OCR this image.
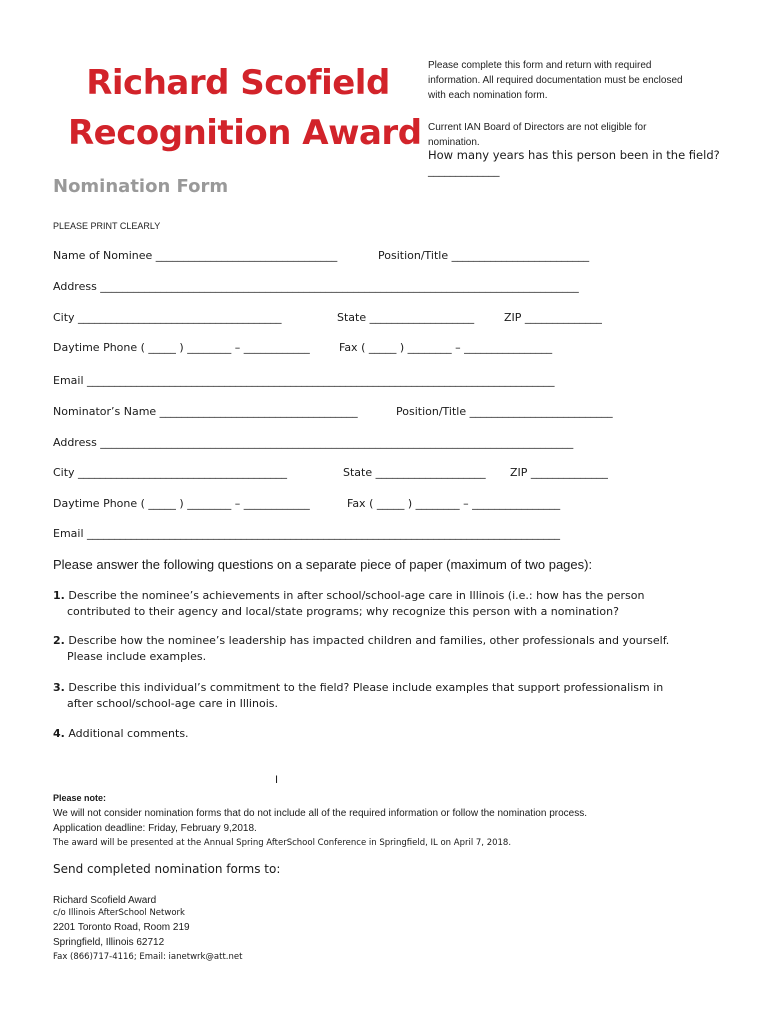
Richard Scofield
Recognition Award
Nomination Form
Please complete this form and return with required information. All required documentation must be enclosed with each nomination form.
Current IAN Board of Directors are not eligible for nomination.
How many years has this person been in the field?
_____________
PLEASE PRINT CLEARLY
Name of Nominee _________________________________	Position/Title _________________________
Address _______________________________________________________________________________________
City _____________________________________	State ___________________	ZIP ______________
Daytime Phone ( _____ ) ________ – ____________	Fax ( _____ ) ________ – ________________
Email _____________________________________________________________________________________
Nominator’s Name ____________________________________	Position/Title __________________________
Address ______________________________________________________________________________________
City ______________________________________	State ____________________ ZIP ______________
Daytime Phone ( _____ ) ________ – ____________	Fax ( _____ ) ________ – ________________
Email ______________________________________________________________________________________
Please answer the following questions on a separate piece of paper (maximum of two pages):
1. Describe the nominee’s achievements in after school/school-age care in Illinois (i.e.: how has the person
contributed to their agency and local/state programs; why recognize this person with a nomination?
2. Describe how the nominee’s leadership has impacted children and families, other professionals and yourself.
Please include examples.
3. Describe this individual’s commitment to the field? Please include examples that support professionalism in
after school/school-age care in Illinois.
4. Additional comments.
I
Please note:
We will not consider nomination forms that do not include all of the required information or follow the nomination process.
Application deadline: Friday, February 9,2018.
The award will be presented at the Annual Spring AfterSchool Conference in Springfield, IL on April 7, 2018.
Send completed nomination forms to:
Richard Scofield Award
c/o Illinois AfterSchool Network
2201 Toronto Road, Room 219
Springfield, Illinois 62712
Fax (866)717-4116; Email: ianetwrk@att.net
